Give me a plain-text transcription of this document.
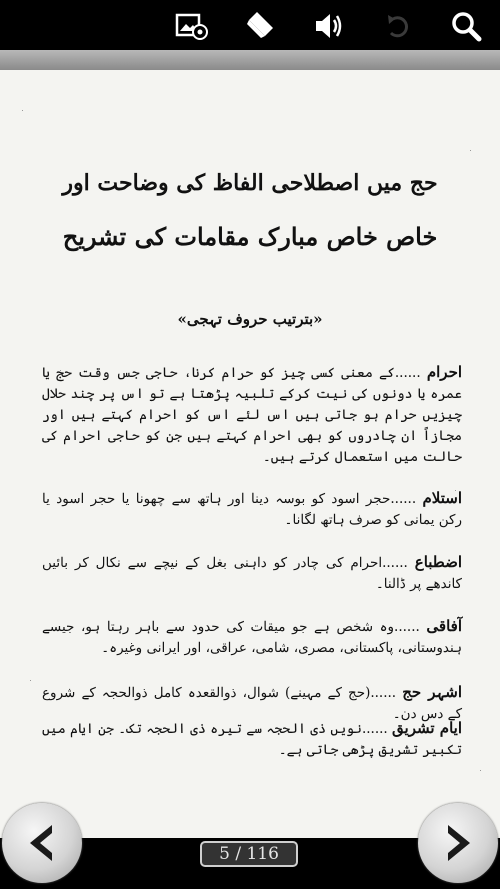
حج میں اصطلاحی الفاظ کی وضاحت اور
خاص خاص مبارک مقامات کی تشریح
«بترتیب حروف تہجی»
احرام ......کے معنی کسی چیز کو حرام کرنا، حاجی جس وقت حج یا عمرہ یا دونوں کی نیت کرکے تلبیہ پڑھتا ہے تو اس پر چند حلال چیزیں حرام ہو جاتی ہیں اس لئے اس کو احرام کہتے ہیں اور مجازاً ان چادروں کو بھی احرام کہتے ہیں جن کو حاجی احرام کی حالت میں استعمال کرتے ہیں۔
استلام ......حجر اسود کو بوسہ دینا اور ہاتھ سے چھونا یا حجر اسود یا رکن یمانی کو صرف ہاتھ لگانا۔
اضطباع ......احرام کی چادر کو داہنی بغل کے نیچے سے نکال کر بائیں کاندھے پر ڈالنا۔
آفاقی ......وہ شخص ہے جو میقات کی حدود سے باہر رہتا ہو، جیسے ہندوستانی، پاکستانی، مصری، شامی، عراقی، اور ایرانی وغیرہ۔
اشہر حج ......(حج کے مہینے) شوال، ذوالقعدہ کامل ذوالحجہ کے شروع کے دس دن۔
ایام تشریق ......نویں ذی الحجہ سے تیرہ ذی الحجہ تک۔ جن ایام میں تکبیر تشریق پڑھی جاتی ہے۔
5 / 116
